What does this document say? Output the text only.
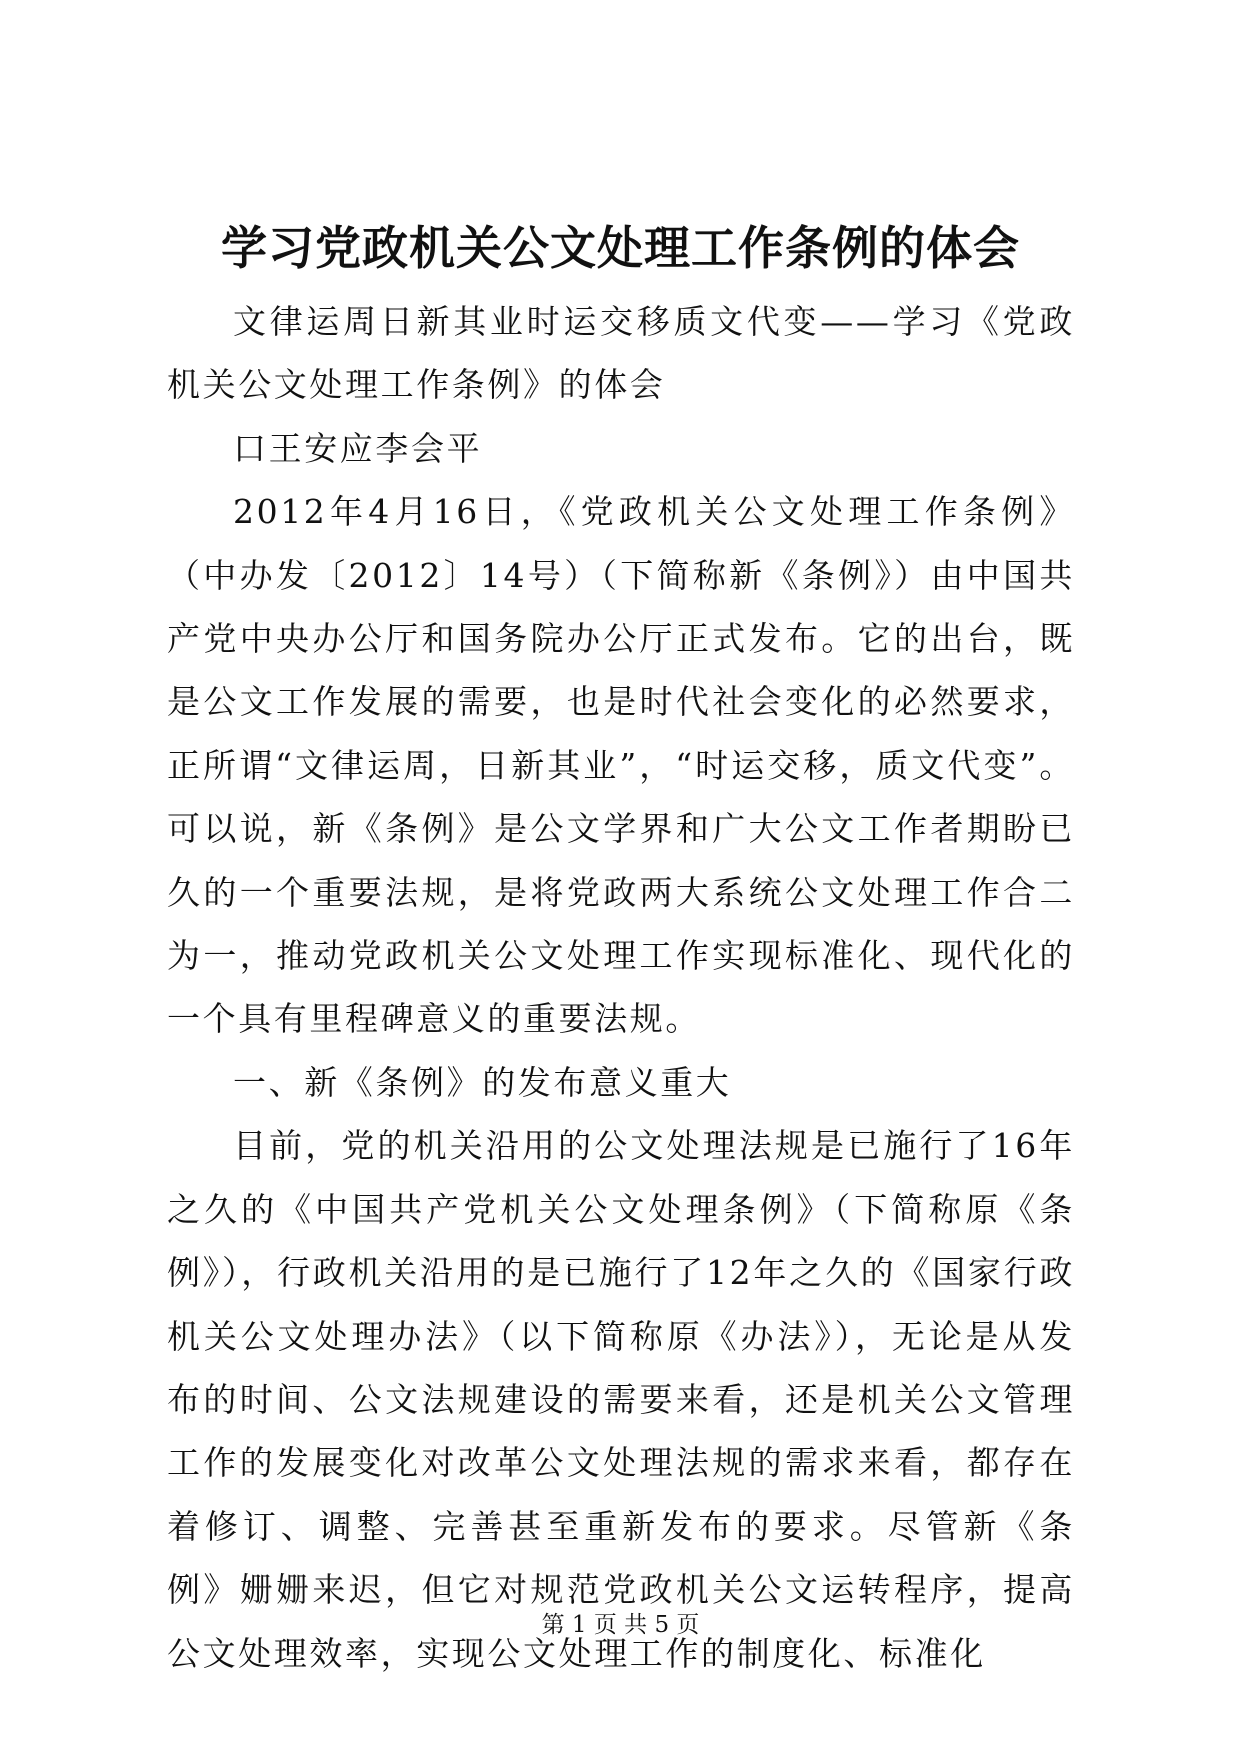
学习党政机关公文处理工作条例的体会

文律运周日新其业时运交移质文代变——学习《党政机关公文处理工作条例》的体会

口王安应李会平

2012年4月16日，《党政机关公文处理工作条例》（中办发〔2012〕14号）（下简称新《条例》）由中国共产党中央办公厅和国务院办公厅正式发布。它的出台，既是公文工作发展的需要，也是时代社会变化的必然要求，正所谓“文律运周，日新其业”，“时运交移，质文代变”。可以说，新《条例》是公文学界和广大公文工作者期盼已久的一个重要法规，是将党政两大系统公文处理工作合二为一，推动党政机关公文处理工作实现标准化、现代化的一个具有里程碑意义的重要法规。

一、新《条例》的发布意义重大

目前，党的机关沿用的公文处理法规是已施行了16年之久的《中国共产党机关公文处理条例》（下简称原《条例》），行政机关沿用的是已施行了12年之久的《国家行政机关公文处理办法》（以下简称原《办法》），无论是从发布的时间、公文法规建设的需要来看，还是机关公文管理工作的发展变化对改革公文处理法规的需求来看，都存在着修订、调整、完善甚至重新发布的要求。尽管新《条例》姗姗来迟，但它对规范党政机关公文运转程序，提高公文处理效率，实现公文处理工作的制度化、标准化

第 1 页 共 5 页
